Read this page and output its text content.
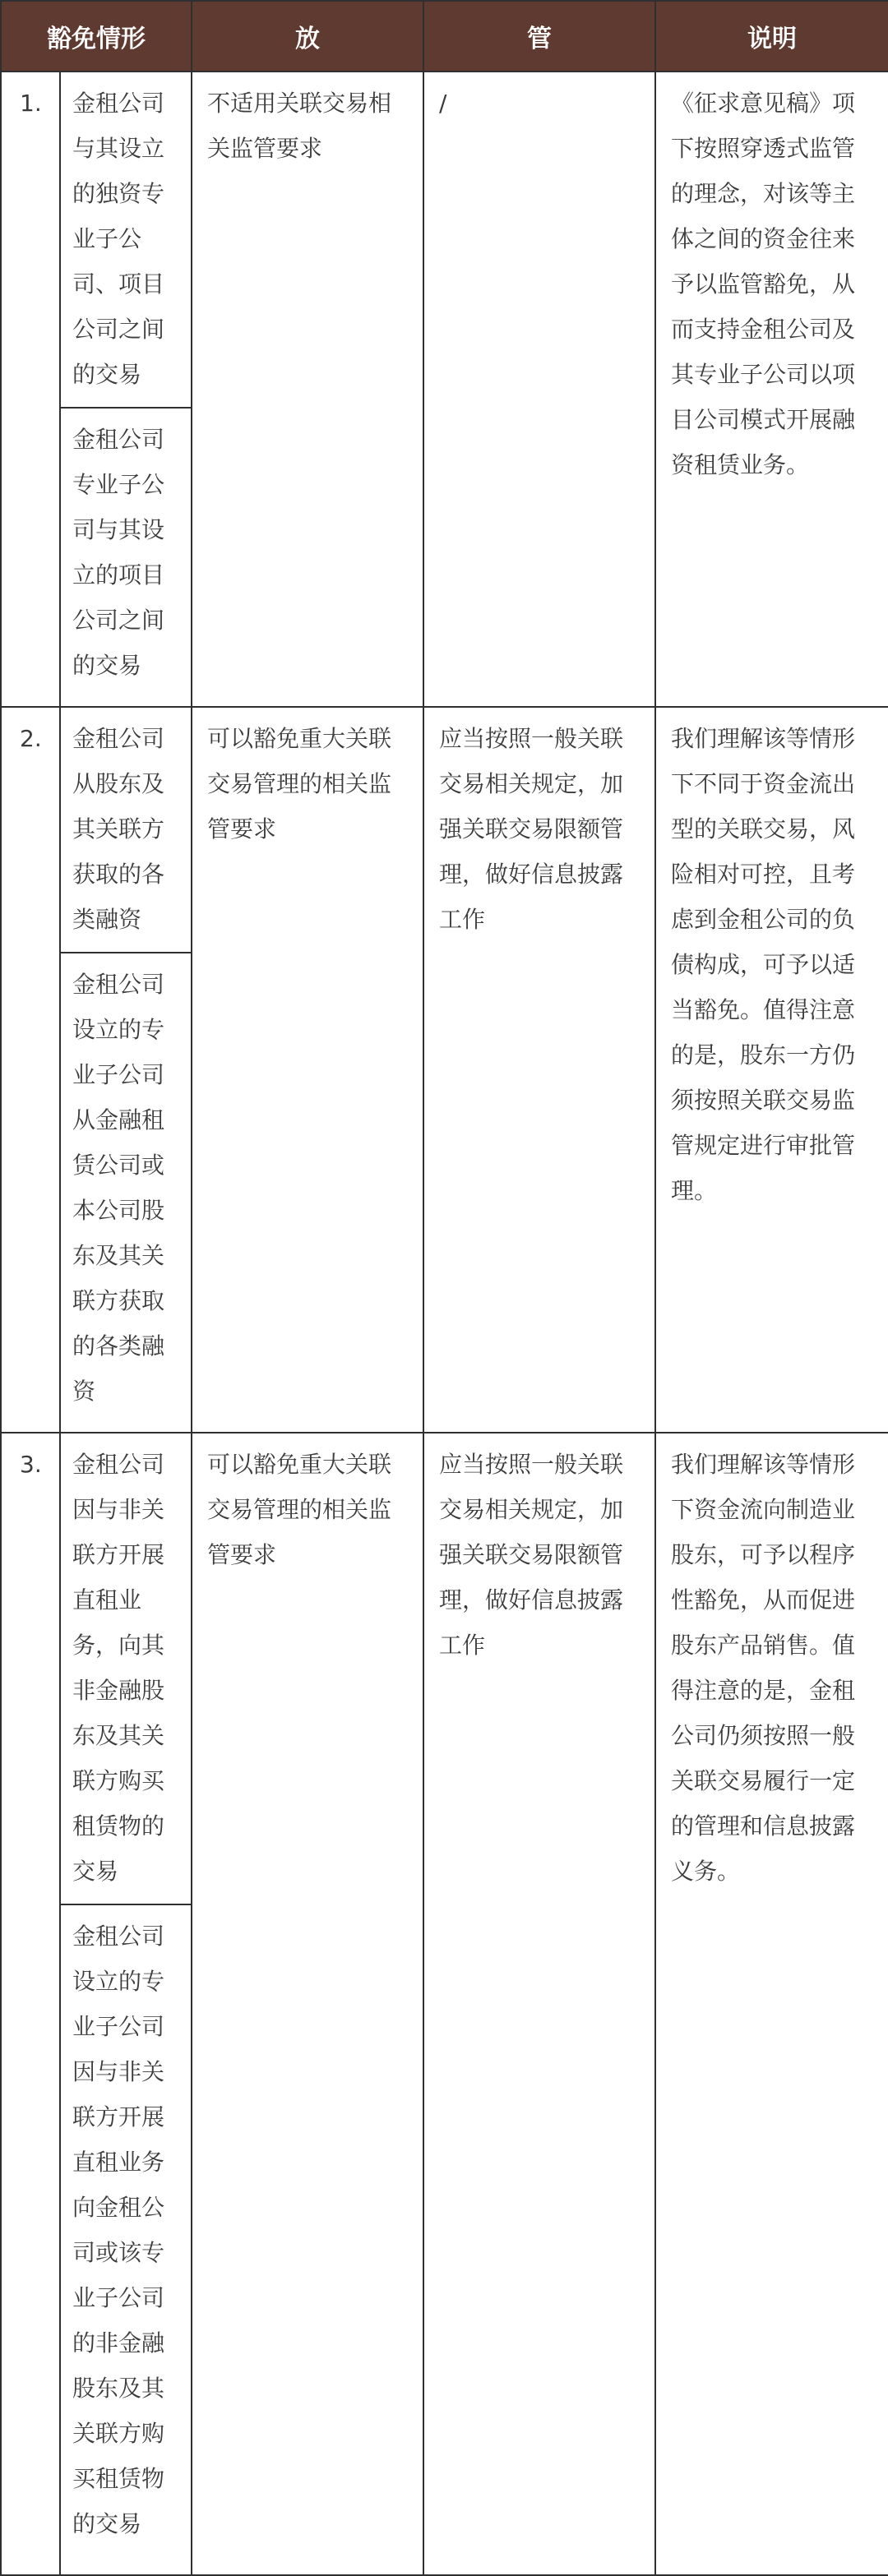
豁免情形		放	管	说明
1.	金租公司与其设立的独资专业子公司、项目公司之间的交易	不适用关联交易相关监管要求	/	《征求意见稿》项下按照穿透式监管的理念，对该等主体之间的资金往来予以监管豁免，从而支持金租公司及其专业子公司以项目公司模式开展融资租赁业务。
	金租公司专业子公司与其设立的项目公司之间的交易			
2.	金租公司从股东及其关联方获取的各类融资	可以豁免重大关联交易管理的相关监管要求	应当按照一般关联交易相关规定，加强关联交易限额管理，做好信息披露工作	我们理解该等情形下不同于资金流出型的关联交易，风险相对可控，且考虑到金租公司的负债构成，可予以适当豁免。值得注意的是，股东一方仍须按照关联交易监管规定进行审批管理。
	金租公司设立的专业子公司从金融租赁公司或本公司股东及其关联方获取的各类融资			
3.	金租公司因与非关联方开展直租业务，向其非金融股东及其关联方购买租赁物的交易	可以豁免重大关联交易管理的相关监管要求	应当按照一般关联交易相关规定，加强关联交易限额管理，做好信息披露工作	我们理解该等情形下资金流向制造业股东，可予以程序性豁免，从而促进股东产品销售。值得注意的是，金租公司仍须按照一般关联交易履行一定的管理和信息披露义务。
	金租公司设立的专业子公司因与非关联方开展直租业务向金租公司或该专业子公司的非金融股东及其关联方购买租赁物的交易			
